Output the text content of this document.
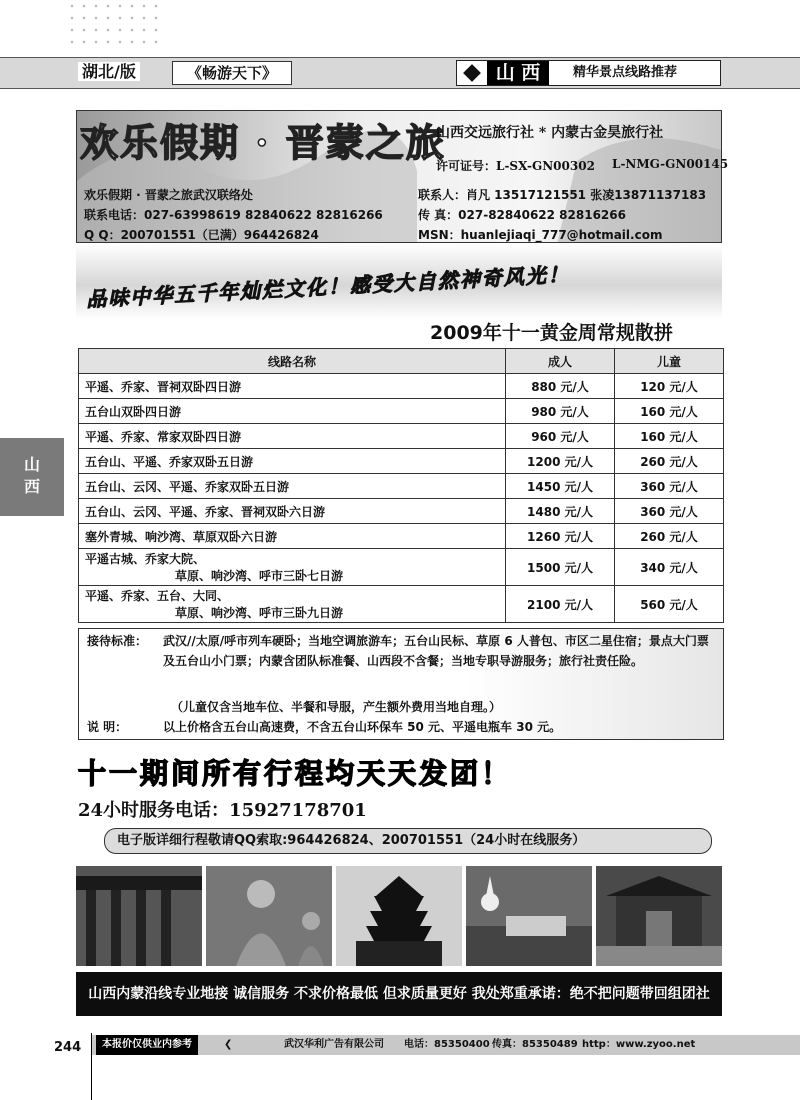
湖北/版	《畅游天下》	山 西	精华景点线路推荐
欢乐假期 · 晋蒙之旅
山西交远旅行社 * 内蒙古金昊旅行社
许可证号：L-SX-GN00302 L-NMG-GN00145
欢乐假期 · 晋蒙之旅武汉联络处	联系人：肖凡 13517121551 张凌13871137183
联系电话：027-63998619 82840622 82816266	传 真：027-82840622 82816266
Q Q：200701551（已满）964426824	MSN：huanlejiaqi_777@hotmail.com
品味中华五千年灿烂文化！感受大自然神奇风光！
2009年十一黄金周常规散拼
山
西
线路名称	成人	儿童
平遥、乔家、晋祠双卧四日游	880 元/人	120 元/人
五台山双卧四日游	980 元/人	160 元/人
平遥、乔家、常家双卧四日游	960 元/人	160 元/人
五台山、平遥、乔家双卧五日游	1200 元/人	260 元/人
五台山、云冈、平遥、乔家双卧五日游	1450 元/人	360 元/人
五台山、云冈、平遥、乔家、晋祠双卧六日游	1480 元/人	360 元/人
塞外青城、响沙湾、草原双卧六日游	1260 元/人	260 元/人

平遥古城、乔家大院、
草原、响沙湾、呼市三卧七日游	1500 元/人	340 元/人

平遥、乔家、五台、大同、
草原、响沙湾、呼市三卧九日游	2100 元/人	560 元/人
接待标准： 武汉//太原/呼市列车硬卧；当地空调旅游车；五台山民标、草原 6 人普包、市区二星住宿；景点大门票及五台山小门票；内蒙含团队标准餐、山西段不含餐；当地专职导游服务；旅行社责任险。
（儿童仅含当地车位、半餐和导服，产生额外费用当地自理。）
说 明：	以上价格含五台山高速费，不含五台山环保车 50 元、平遥电瓶车 30 元。
十一期间所有行程均天天发团！
24小时服务电话：15927178701
电子版详细行程敬请QQ索取:964426824、200701551（24小时在线服务）
山西内蒙沿线专业地接 诚信服务 不求价格最低 但求质量更好 我处郑重承诺：绝不把问题带回组团社
244	本报价仅供业内参考	❮	武汉华利广告有限公司 电话：85350400 传真：85350489 http：www.zyoo.net
